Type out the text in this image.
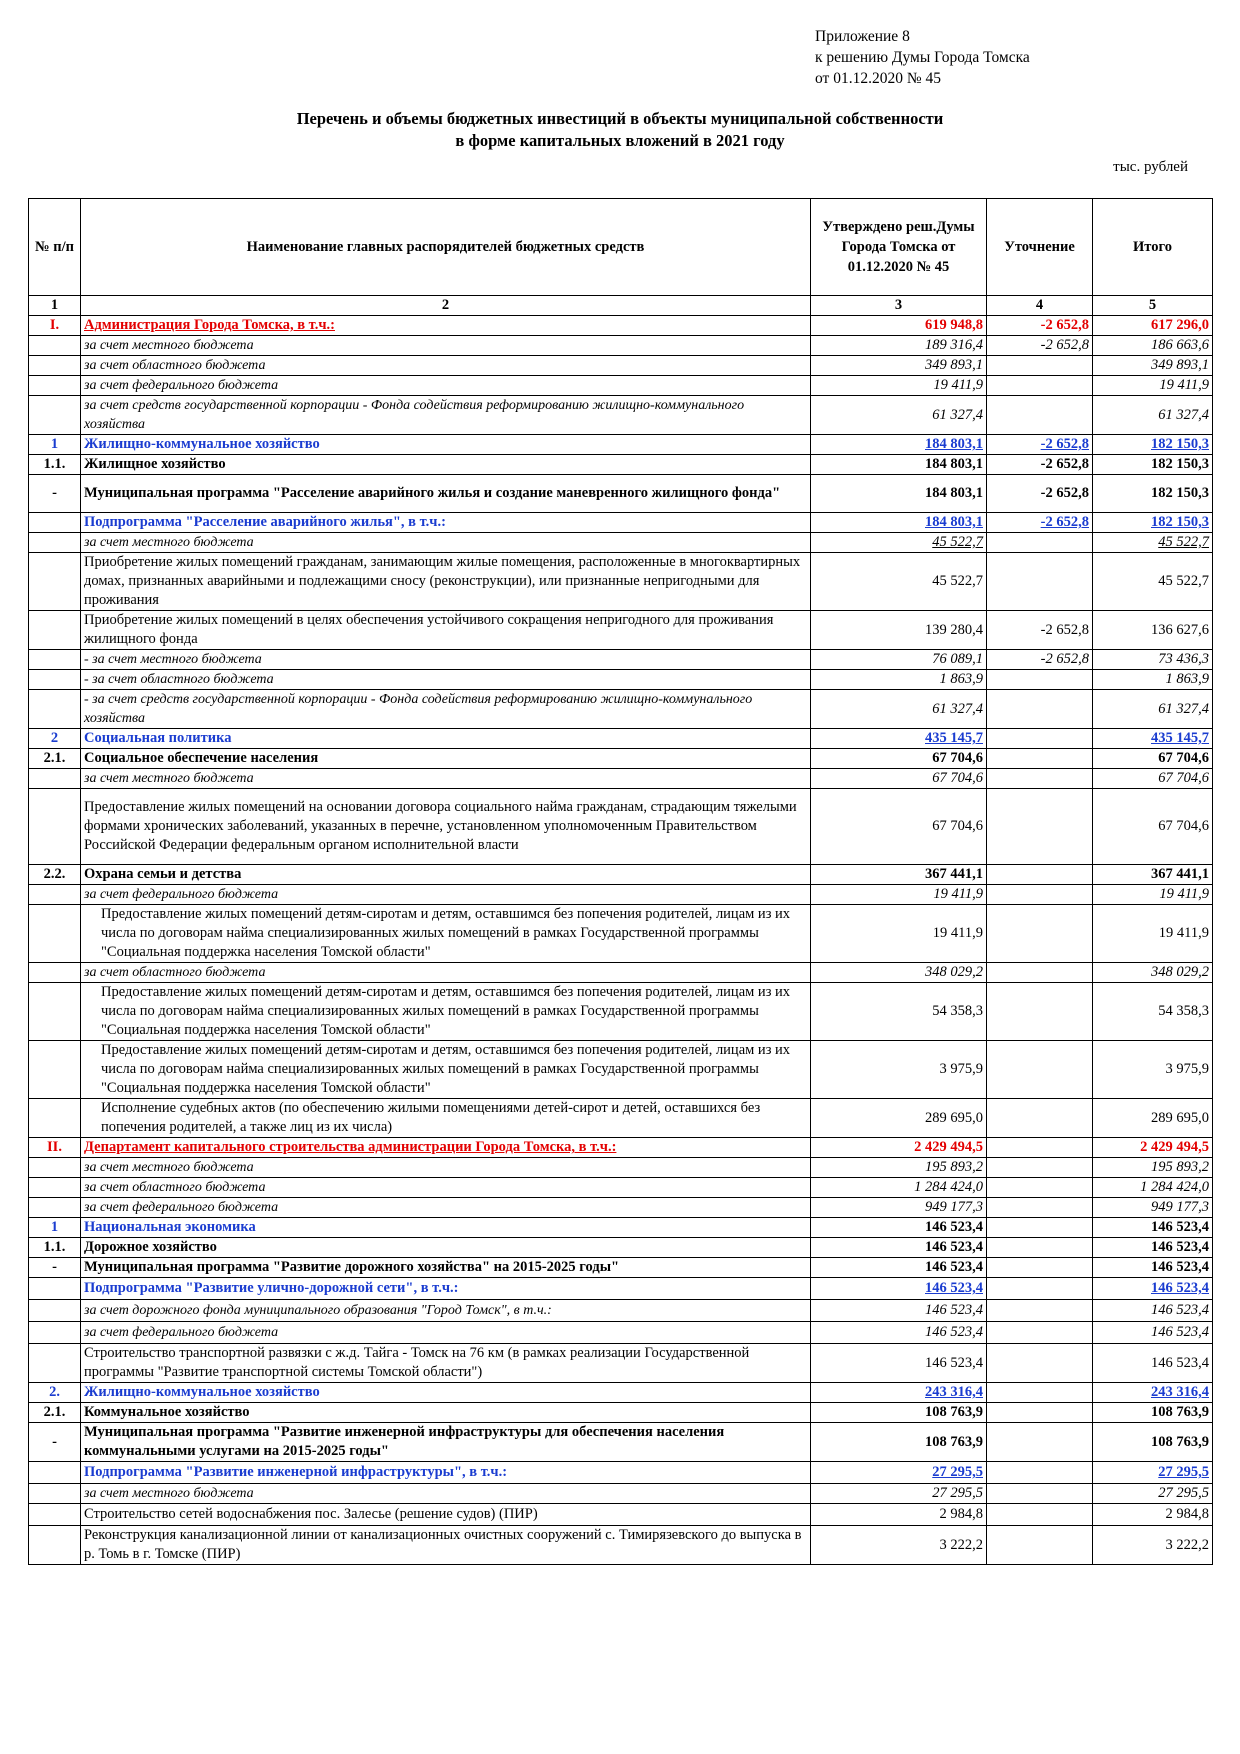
Приложение 8
к решению Думы Города Томска
от 01.12.2020 № 45
Перечень и объемы бюджетных инвестиций в объекты муниципальной собственности
в форме капитальных вложений в 2021 году
тыс. рублей
№ п/п	Наименование главных распорядителей бюджетных средств	Утверждено реш.Думы Города Томска от 01.12.2020 № 45	Уточнение	Итого
1	2	3	4	5
I.	Администрация Города Томска, в т.ч.:	619 948,8	-2 652,8	617 296,0
	за счет местного бюджета	189 316,4	-2 652,8	186 663,6
	за счет областного бюджета	349 893,1		349 893,1
	за счет федерального бюджета	19 411,9		19 411,9
	за счет средств государственной корпорации - Фонда содействия реформированию жилищно-коммунального хозяйства	61 327,4		61 327,4
1	Жилищно-коммунальное хозяйство	184 803,1	-2 652,8	182 150,3
1.1.	Жилищное хозяйство	184 803,1	-2 652,8	182 150,3
-	Муниципальная программа "Расселение аварийного жилья и создание маневренного жилищного фонда"	184 803,1	-2 652,8	182 150,3
	Подпрограмма "Расселение аварийного жилья", в т.ч.:	184 803,1	-2 652,8	182 150,3
	за счет местного бюджета	45 522,7		45 522,7
	Приобретение жилых помещений гражданам, занимающим жилые помещения, расположенные в многоквартирных домах, признанных аварийными и подлежащими сносу (реконструкции), или признанные непригодными для проживания	45 522,7		45 522,7
	Приобретение жилых помещений в целях обеспечения устойчивого сокращения непригодного для проживания жилищного фонда	139 280,4	-2 652,8	136 627,6
	- за счет местного бюджета	76 089,1	-2 652,8	73 436,3
	- за счет областного бюджета	1 863,9		1 863,9
	- за счет средств государственной корпорации - Фонда содействия реформированию жилищно-коммунального хозяйства	61 327,4		61 327,4
2	Социальная политика	435 145,7		435 145,7
2.1.	Социальное обеспечение населения	67 704,6		67 704,6
	за счет местного бюджета	67 704,6		67 704,6
	Предоставление жилых помещений на основании договора социального найма гражданам, страдающим тяжелыми формами хронических заболеваний, указанных в перечне, установленном уполномоченным Правительством Российской Федерации федеральным органом исполнительной власти	67 704,6		67 704,6
2.2.	Охрана семьи и детства	367 441,1		367 441,1
	за счет федерального бюджета	19 411,9		19 411,9
	Предоставление жилых помещений детям-сиротам и детям, оставшимся без попечения родителей, лицам из их числа по договорам найма специализированных жилых помещений в рамках Государственной программы "Социальная поддержка населения Томской области"	19 411,9		19 411,9
	за счет областного бюджета	348 029,2		348 029,2
	Предоставление жилых помещений детям-сиротам и детям, оставшимся без попечения родителей, лицам из их числа по договорам найма специализированных жилых помещений в рамках Государственной программы "Социальная поддержка населения Томской области"	54 358,3		54 358,3
	Предоставление жилых помещений детям-сиротам и детям, оставшимся без попечения родителей, лицам из их числа по договорам найма специализированных жилых помещений в рамках Государственной программы "Социальная поддержка населения Томской области"	3 975,9		3 975,9
	Исполнение судебных актов (по обеспечению жилыми помещениями детей-сирот и детей, оставшихся без попечения родителей, а также лиц из их числа)	289 695,0		289 695,0
II.	Департамент капитального строительства администрации Города Томска, в т.ч.:	2 429 494,5		2 429 494,5
	за счет местного бюджета	195 893,2		195 893,2
	за счет областного бюджета	1 284 424,0		1 284 424,0
	за счет федерального бюджета	949 177,3		949 177,3
1	Национальная экономика	146 523,4		146 523,4
1.1.	Дорожное хозяйство	146 523,4		146 523,4
-	Муниципальная программа "Развитие дорожного хозяйства" на 2015-2025 годы"	146 523,4		146 523,4
	Подпрограмма "Развитие улично-дорожной сети", в т.ч.:	146 523,4		146 523,4
	за счет дорожного фонда муниципального образования "Город Томск", в т.ч.:	146 523,4		146 523,4
	за счет федерального бюджета	146 523,4		146 523,4
	Строительство транспортной развязки с ж.д. Тайга - Томск на 76 км (в рамках реализации Государственной программы "Развитие транспортной системы Томской области")	146 523,4		146 523,4
2.	Жилищно-коммунальное хозяйство	243 316,4		243 316,4
2.1.	Коммунальное хозяйство	108 763,9		108 763,9
-	Муниципальная программа "Развитие инженерной инфраструктуры для обеспечения населения коммунальными услугами на 2015-2025 годы"	108 763,9		108 763,9
	Подпрограмма "Развитие инженерной инфраструктуры", в т.ч.:	27 295,5		27 295,5
	за счет местного бюджета	27 295,5		27 295,5
	Строительство сетей водоснабжения пос. Залесье (решение судов) (ПИР)	2 984,8		2 984,8
	Реконструкция канализационной линии от канализационных очистных сооружений с. Тимирязевского до выпуска в р. Томь в г. Томске (ПИР)	3 222,2		3 222,2
